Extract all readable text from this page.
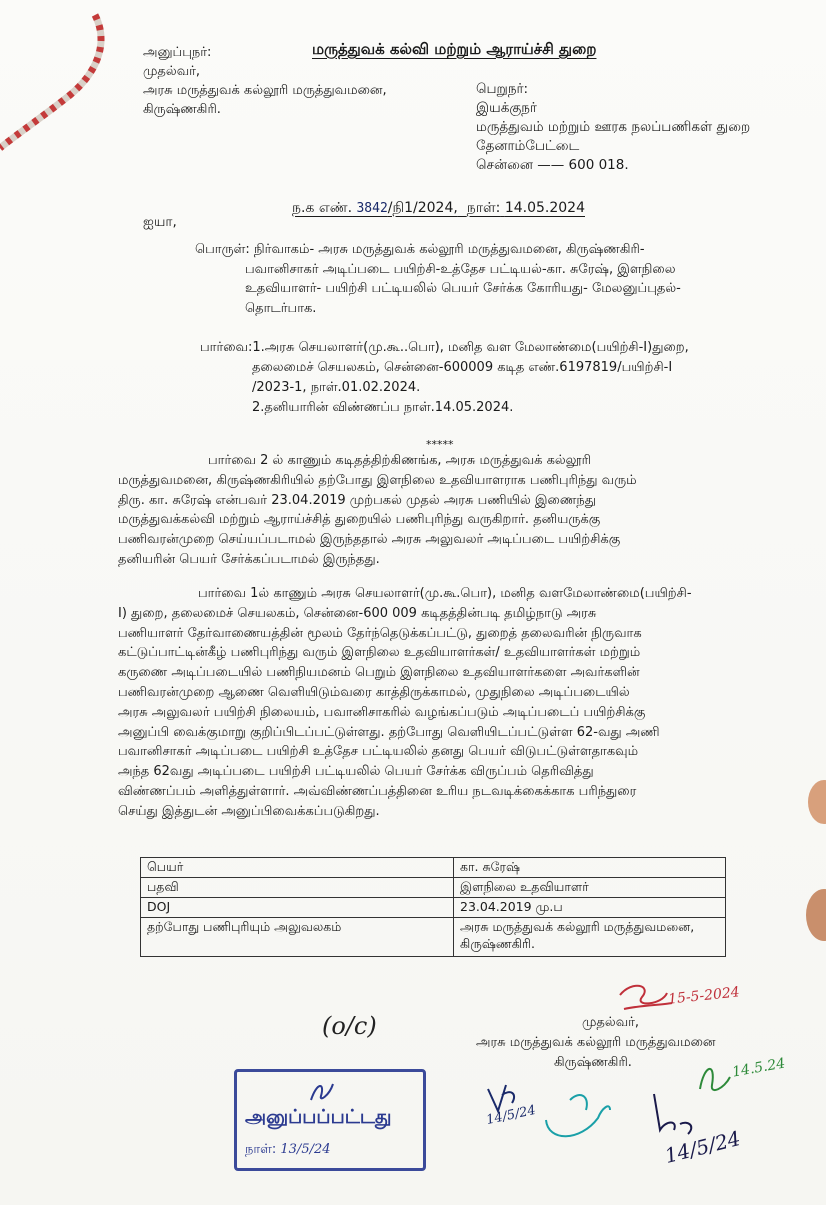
மருத்துவக் கல்வி மற்றும் ஆராய்ச்சி துறை

அனுப்புநர்:

முதல்வர்,

அரசு மருத்துவக் கல்லூரி மருத்துவமனை,

கிருஷ்ணகிரி.

பெறுநர்:

இயக்குநர்

மருத்துவம் மற்றும் ஊரக நலப்பணிகள் துறை

தேனாம்பேட்டை

சென்னை —— 600 018.

ந.க எண். 3842/நி1/2024, நாள்: 14.05.2024
ஐயா,

பொருள்: நிர்வாகம்- அரசு மருத்துவக் கல்லூரி மருத்துவமனை, கிருஷ்ணகிரி-

பவானிசாகர் அடிப்படை பயிற்சி-உத்தேச பட்டியல்-கா. சுரேஷ், இளநிலை

உதவியாளர்- பயிற்சி பட்டியலில் பெயர் சேர்க்க கோரியது- மேலனுப்புதல்-

தொடர்பாக.

பார்வை:1.அரசு செயலாளர்(மு.கூ..பொ), மனித வள மேலாண்மை(பயிற்சி-I)துறை,

தலைமைச் செயலகம், சென்னை-600009 கடித எண்.6197819/பயிற்சி-I

/2023-1, நாள்.01.02.2024.

2.தனியாரின் விண்ணப்ப நாள்.14.05.2024.

*****

பார்வை 2 ல் காணும் கடிதத்திற்கிணங்க, அரசு மருத்துவக் கல்லூரி

மருத்துவமனை, கிருஷ்ணகிரியில் தற்போது இளநிலை உதவியாளராக பணிபுரிந்து வரும்

திரு. கா. சுரேஷ் என்பவர் 23.04.2019 முற்பகல் முதல் அரசு பணியில் இணைந்து

மருத்துவக்கல்வி மற்றும் ஆராய்ச்சித் துறையில் பணிபுரிந்து வருகிறார். தனியருக்கு

பணிவரன்முறை செய்யப்படாமல் இருந்ததால் அரசு அலுவலர் அடிப்படை பயிற்சிக்கு

தனியரின் பெயர் சேர்க்கப்படாமல் இருந்தது.

பார்வை 1ல் காணும் அரசு செயலாளர்(மு.கூ.பொ), மனித வளமேலாண்மை(பயிற்சி-

I) துறை, தலைமைச் செயலகம், சென்னை-600 009 கடிதத்தின்படி தமிழ்நாடு அரசு

பணியாளர் தேர்வாணையத்தின் மூலம் தேர்ந்தெடுக்கப்பட்டு, துறைத் தலைவரின் நிருவாக

கட்டுப்பாட்டின்கீழ் பணிபுரிந்து வரும் இளநிலை உதவியாளர்கள்/ உதவியாளர்கள் மற்றும்

கருணை அடிப்படையில் பணிநியமனம் பெறும் இளநிலை உதவியாளர்களை அவர்களின்

பணிவரன்முறை ஆணை வெளியிடும்வரை காத்திருக்காமல், முதுநிலை அடிப்படையில்

அரசு அலுவலர் பயிற்சி நிலையம், பவானிசாகரில் வழங்கப்படும் அடிப்படைப் பயிற்சிக்கு

அனுப்பி வைக்குமாறு குறிப்பிடப்பட்டுள்ளது. தற்போது வெளியிடப்பட்டுள்ள 62-வது அணி

பவானிசாகர் அடிப்படை பயிற்சி உத்தேச பட்டியலில் தனது பெயர் விடுபட்டுள்ளதாகவும்

அந்த 62வது அடிப்படை பயிற்சி பட்டியலில் பெயர் சேர்க்க விருப்பம் தெரிவித்து

விண்ணப்பம் அளித்துள்ளார். அவ்விண்ணப்பத்தினை உரிய நடவடிக்கைக்காக பரிந்துரை

செய்து இத்துடன் அனுப்பிவைக்கப்படுகிறது.

பெயர்	கா. சுரேஷ்
பதவி	இளநிலை உதவியாளர்
DOJ	23.04.2019 மு.ப
தற்போது பணிபுரியும் அலுவலகம்	அரசு மருத்துவக் கல்லூரி மருத்துவமனை,
கிருஷ்ணகிரி.
(o/c)
15-5-2024

முதல்வர்,

அரசு மருத்துவக் கல்லூரி மருத்துவமனை

கிருஷ்ணகிரி.

அனுப்பப்பட்டது
நாள்: 13/5/24
14/5/24
14.5.24
14/5/24
